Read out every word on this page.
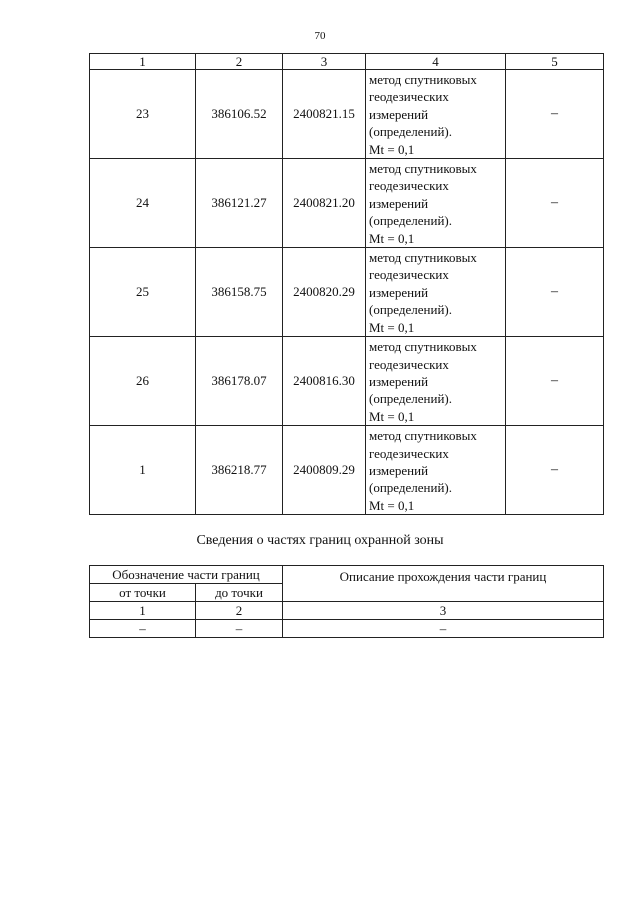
70
1	2	3	4	5
23	386106.52	2400821.15	метод спутниковых
геодезических
измерений
(определений).
Mt = 0,1	–
24	386121.27	2400821.20	метод спутниковых
геодезических
измерений
(определений).
Mt = 0,1	–
25	386158.75	2400820.29	метод спутниковых
геодезических
измерений
(определений).
Mt = 0,1	–
26	386178.07	2400816.30	метод спутниковых
геодезических
измерений
(определений).
Mt = 0,1	–
1	386218.77	2400809.29	метод спутниковых
геодезических
измерений
(определений).
Mt = 0,1	–
Сведения о частях границ охранной зоны
Обозначение части границ		Описание прохождения части границ
от точки	до точки	
1	2	3
–	–	–
